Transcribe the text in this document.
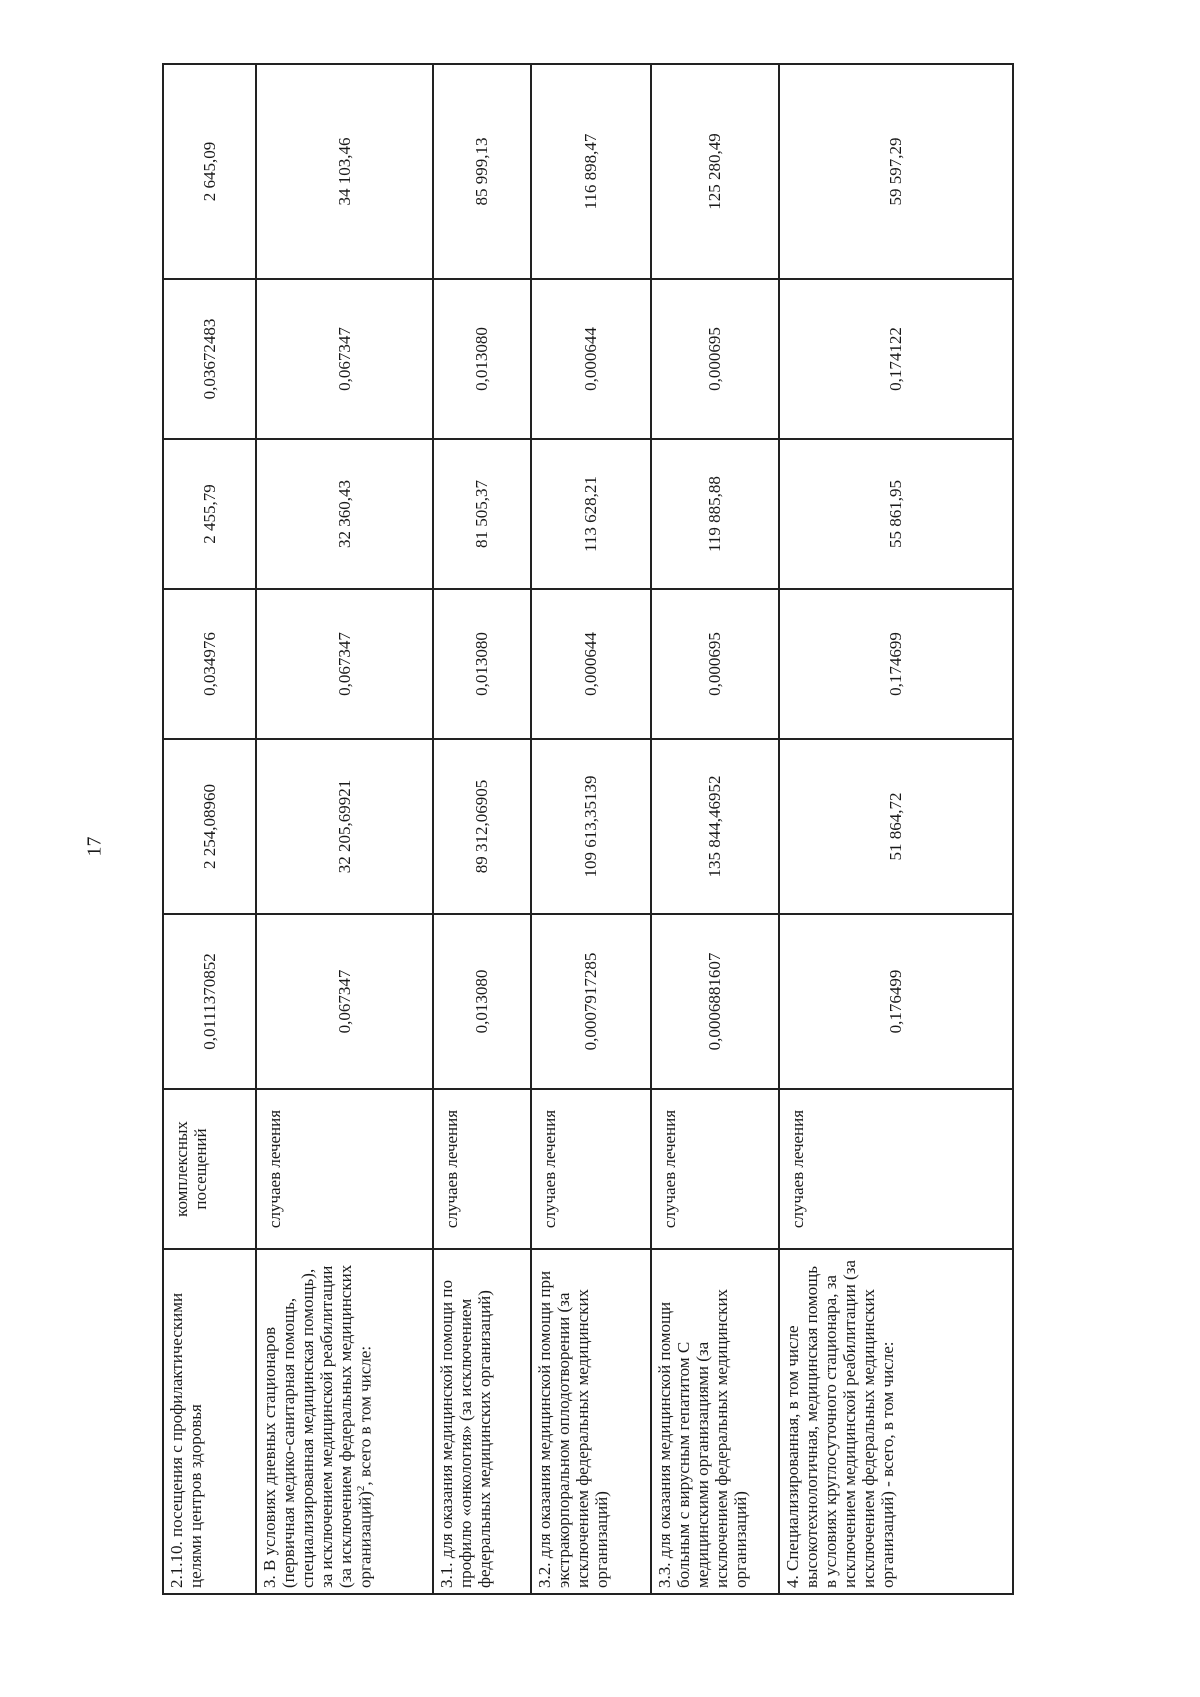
17
2.1.10. посещения с профилактическими целями центров здоровья	комплексных посещений	0,0111370852	2 254,08960	0,034976	2 455,79	0,03672483	2 645,09
3. В условиях дневных стационаров (первичная медико-санитарная помощь, специализированная медицинская помощь), за исключением медицинской реабилитации (за исключением федеральных медицинских организаций)$^2$, всего в том числе:	случаев лечения	0,067347	32 205,69921	0,067347	32 360,43	0,067347	34 103,46
3.1. для оказания медицинской помощи по профилю «онкология» (за исключением федеральных медицинских организаций)	случаев лечения	0,013080	89 312,06905	0,013080	81 505,37	0,013080	85 999,13
3.2. для оказания медицинской помощи при экстракорпоральном оплодотворении (за исключением федеральных медицинских организаций)	случаев лечения	0,0007917285	109 613,35139	0,000644	113 628,21	0,000644	116 898,47
3.3. для оказания медицинской помощи больным с вирусным гепатитом С медицинскими организациями (за исключением федеральных медицинских организаций)	случаев лечения	0,0006881607	135 844,46952	0,000695	119 885,88	0,000695	125 280,49
4. Специализированная, в том числе высокотехнологичная, медицинская помощь в условиях круглосуточного стационара, за исключением медицинской реабилитации (за исключением федеральных медицинских организаций) - всего, в том числе:	случаев лечения	0,176499	51 864,72	0,174699	55 861,95	0,174122	59 597,29
